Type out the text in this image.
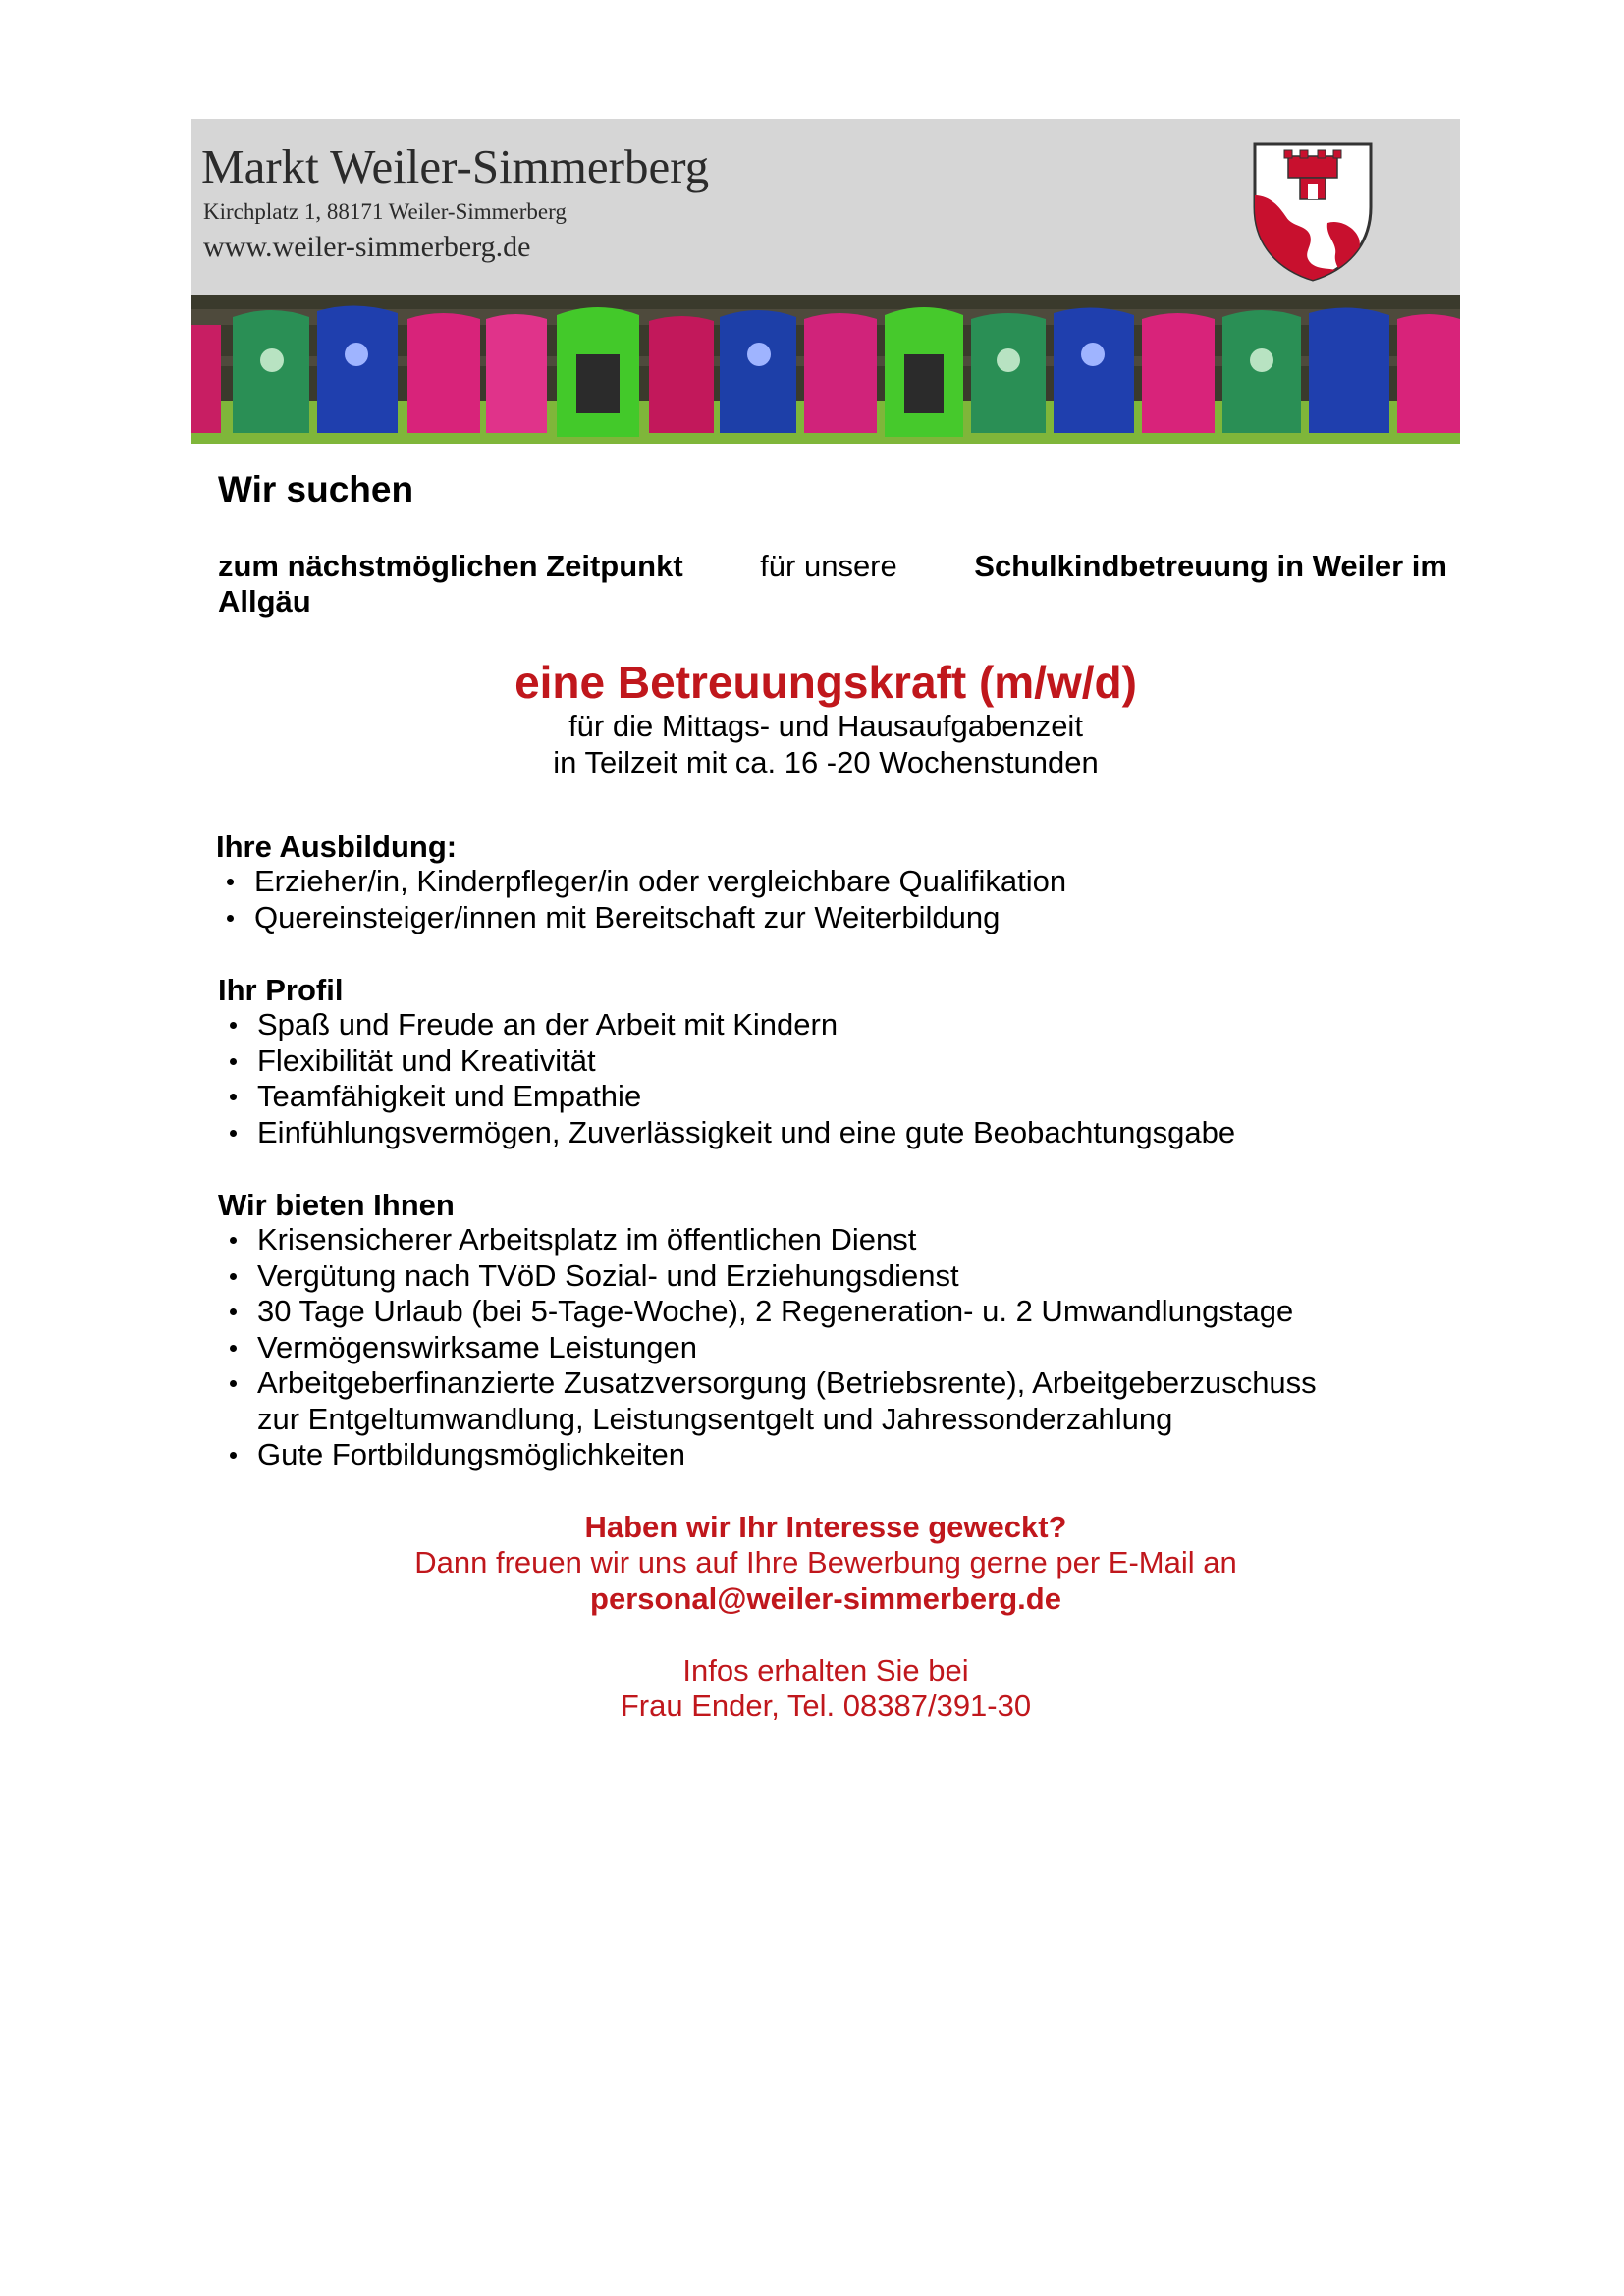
Markt Weiler-Simmerberg

Kirchplatz 1, 88171 Weiler-Simmerberg

www.weiler-simmerberg.de

Wir suchen

zum nächstmöglichen Zeitpunkt	für unsere	Schulkindbetreuung in Weiler im

Allgäu

eine Betreuungskraft (m/w/d)

für die Mittags- und Hausaufgabenzeit

in Teilzeit mit ca. 16 -20 Wochenstunden

Ihre Ausbildung:

Erzieher/in, Kinderpfleger/in oder vergleichbare Qualifikation
Quereinsteiger/innen mit Bereitschaft zur Weiterbildung

Ihr Profil

Spaß und Freude an der Arbeit mit Kindern
Flexibilität und Kreativität
Teamfähigkeit und Empathie
Einfühlungsvermögen, Zuverlässigkeit und eine gute Beobachtungsgabe

Wir bieten Ihnen

Krisensicherer Arbeitsplatz im öffentlichen Dienst
Vergütung nach TVöD Sozial- und Erziehungsdienst
30 Tage Urlaub (bei 5-Tage-Woche), 2 Regeneration- u. 2 Umwandlungstage
Vermögenswirksame Leistungen
Arbeitgeberfinanzierte Zusatzversorgung (Betriebsrente), Arbeitgeberzuschuss
zur Entgeltumwandlung, Leistungsentgelt und Jahressonderzahlung
Gute Fortbildungsmöglichkeiten

Haben wir Ihr Interesse geweckt?

Dann freuen wir uns auf Ihre Bewerbung gerne per E-Mail an

personal@weiler-simmerberg.de

Infos erhalten Sie bei

Frau Ender, Tel. 08387/391-30
